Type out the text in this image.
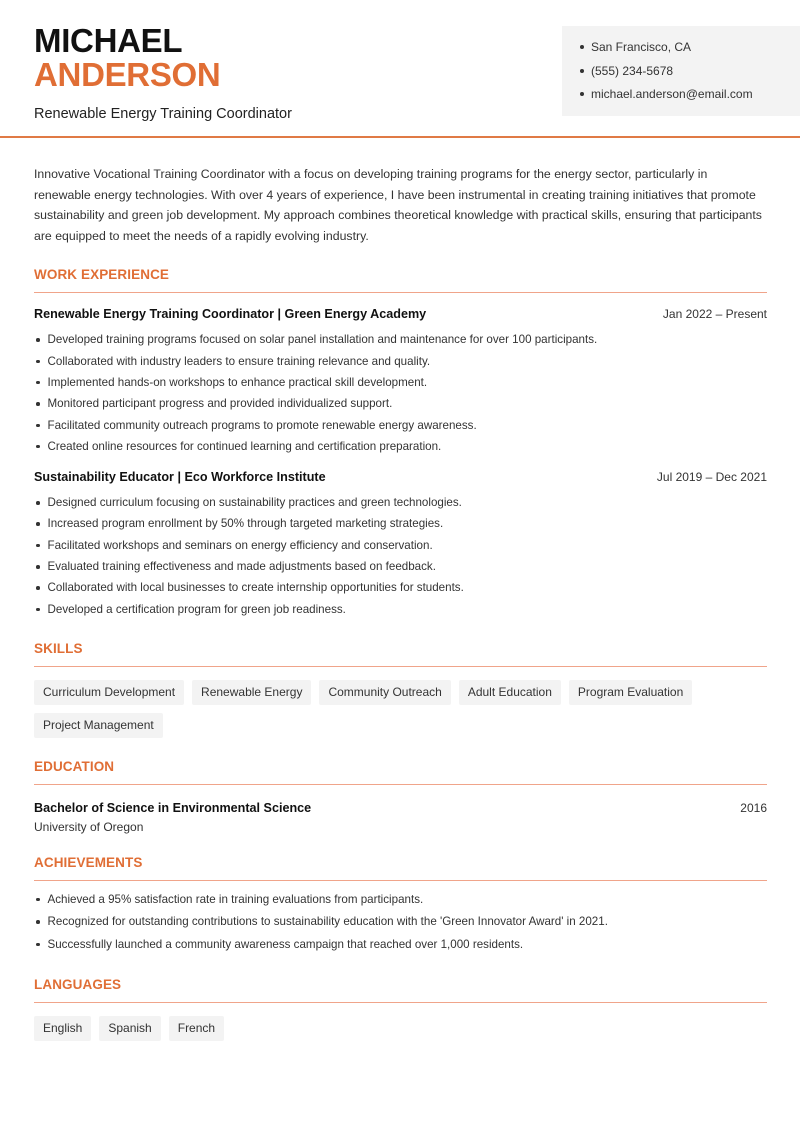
MICHAEL
ANDERSON
Renewable Energy Training Coordinator
San Francisco, CA
(555) 234-5678
michael.anderson@email.com

Innovative Vocational Training Coordinator with a focus on developing training programs for the energy sector, particularly in renewable energy technologies. With over 4 years of experience, I have been instrumental in creating training initiatives that promote sustainability and green job development. My approach combines theoretical knowledge with practical skills, ensuring that participants are equipped to meet the needs of a rapidly evolving industry.

WORK EXPERIENCE
Renewable Energy Training Coordinator | Green Energy Academy	Jan 2022 – Present
Developed training programs focused on solar panel installation and maintenance for over 100 participants.
Collaborated with industry leaders to ensure training relevance and quality.
Implemented hands-on workshops to enhance practical skill development.
Monitored participant progress and provided individualized support.
Facilitated community outreach programs to promote renewable energy awareness.
Created online resources for continued learning and certification preparation.
Sustainability Educator | Eco Workforce Institute	Jul 2019 – Dec 2021
Designed curriculum focusing on sustainability practices and green technologies.
Increased program enrollment by 50% through targeted marketing strategies.
Facilitated workshops and seminars on energy efficiency and conservation.
Evaluated training effectiveness and made adjustments based on feedback.
Collaborated with local businesses to create internship opportunities for students.
Developed a certification program for green job readiness.
SKILLS
Curriculum Development	Renewable Energy	Community Outreach	Adult Education	Program Evaluation
Project Management
EDUCATION
Bachelor of Science in Environmental Science	2016
University of Oregon
ACHIEVEMENTS
Achieved a 95% satisfaction rate in training evaluations from participants.
Recognized for outstanding contributions to sustainability education with the 'Green Innovator Award' in 2021.
Successfully launched a community awareness campaign that reached over 1,000 residents.
LANGUAGES
English	Spanish	French
